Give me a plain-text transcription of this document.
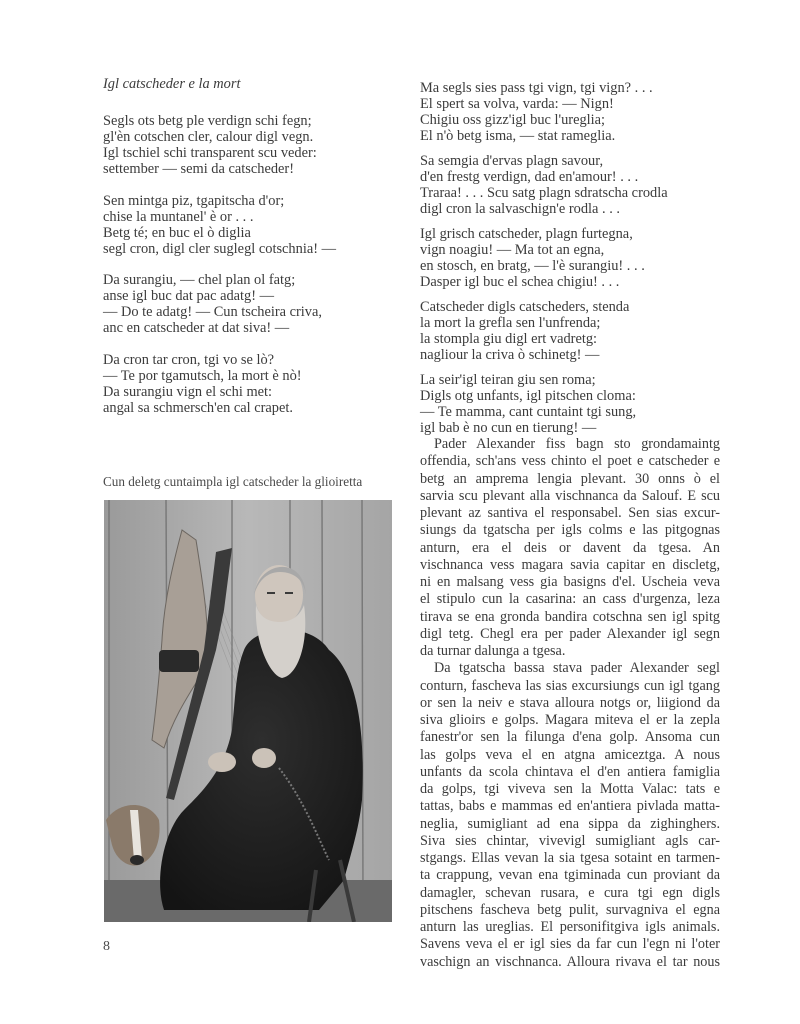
Igl catscheder e la mort
Segls ots betg ple verdign schi fegn;
gl'èn cotschen cler, calour digl vegn.
Igl tschiel schi transparent scu veder:
settember — semi da catscheder!
Sen mintga piz, tgapitscha d'or;
chise la muntanel' è or . . .
Betg té; en buc el ò diglia
segl cron, digl cler suglegl cotschnia! —
Da surangiu, — chel plan ol fatg;
anse igl buc dat pac adatg! —
— Do te adatg! — Cun tscheira criva,
anc en catscheder at dat siva! —
Da cron tar cron, tgi vo se lò?
— Te por tgamutsch, la mort è nò!
Da surangiu vign el schi met:
angal sa schmersch'en cal crapet.
Cun deletg cuntaimpla igl catscheder la glioiretta
Ma segls sies pass tgi vign, tgi vign? . . .
El spert sa volva, varda: — Nign!
Chigiu oss gizz'igl buc l'ureglia;
El n'ò betg isma, — stat rameglia.
Sa semgia d'ervas plagn savour,
d'en frestg verdign, dad en'amour! . . .
Traraa! . . . Scu satg plagn sdratscha crodla
digl cron la salvaschign'e rodla . . .
Igl grisch catscheder, plagn furtegna,
vign noagiu! — Ma tot an egna,
en stosch, en bratg, — l'è surangiu! . . .
Dasper igl buc el schea chigiu! . . .
Catscheder digls catscheders, stenda
la mort la grefla sen l'unfrenda;
la stompla giu digl ert vadretg:
nagliour la criva ò schinetg! —
La seir'igl teiran giu sen roma;
Digls otg unfants, igl pitschen cloma:
— Te mamma, cant cuntaint tgi sung,
igl bab è no cun en tierung! —
Pader Alexander fiss bagn sto grondamaintg
offendia, sch'ans vess chinto el poet e catscheder e
betg an amprema lengia plevant. 30 onns ò el
sarvia scu plevant alla vischnanca da Salouf. E scu
plevant az santiva el responsabel. Sen sias excur-
siungs da tgatscha per igls colms e las pitgognas
anturn, era el deis or davent da tgesa. An
vischnanca vess magara savia capitar en discletg,
ni en malsang vess gia basigns d'el. Uscheia veva
el stipulo cun la casarina: an cass d'urgenza, leza
tirava se ena gronda bandira cotschna sen igl spitg
digl tetg. Chegl era per pader Alexander igl segn
da turnar dalunga a tgesa.
Da tgatscha bassa stava pader Alexander segl
conturn, fascheva las sias excursiungs cun igl tgang
or sen la neiv e stava alloura notgs or, liigiond da
siva glioirs e golps. Magara miteva el er la zepla
fanestr'or sen la filunga d'ena golp. Ansoma cun
las golps veva el en atgna amiceztga. A nous
unfants da scola chintava el d'en antiera famiglia
da golps, tgi viveva sen la Motta Valac: tats e
tattas, babs e mammas ed en'antiera pivlada matta-
neglia, sumigliant ad ena sippa da zighinghers.
Siva sies chintar, vivevigl sumigliant agls car-
stgangs. Ellas vevan la sia tgesa sotaint en tarmen-
ta crappung, vevan ena tgiminada cun proviant da
damagler, schevan rusara, e cura tgi egn digls
pitschens fascheva betg pulit, survagniva el egna
anturn las ureglias. El personifitgiva igls animals.
Savens veva el er igl sies da far cun l'egn ni l'oter
vaschign an vischnanca. Alloura rivava el tar nous
8
